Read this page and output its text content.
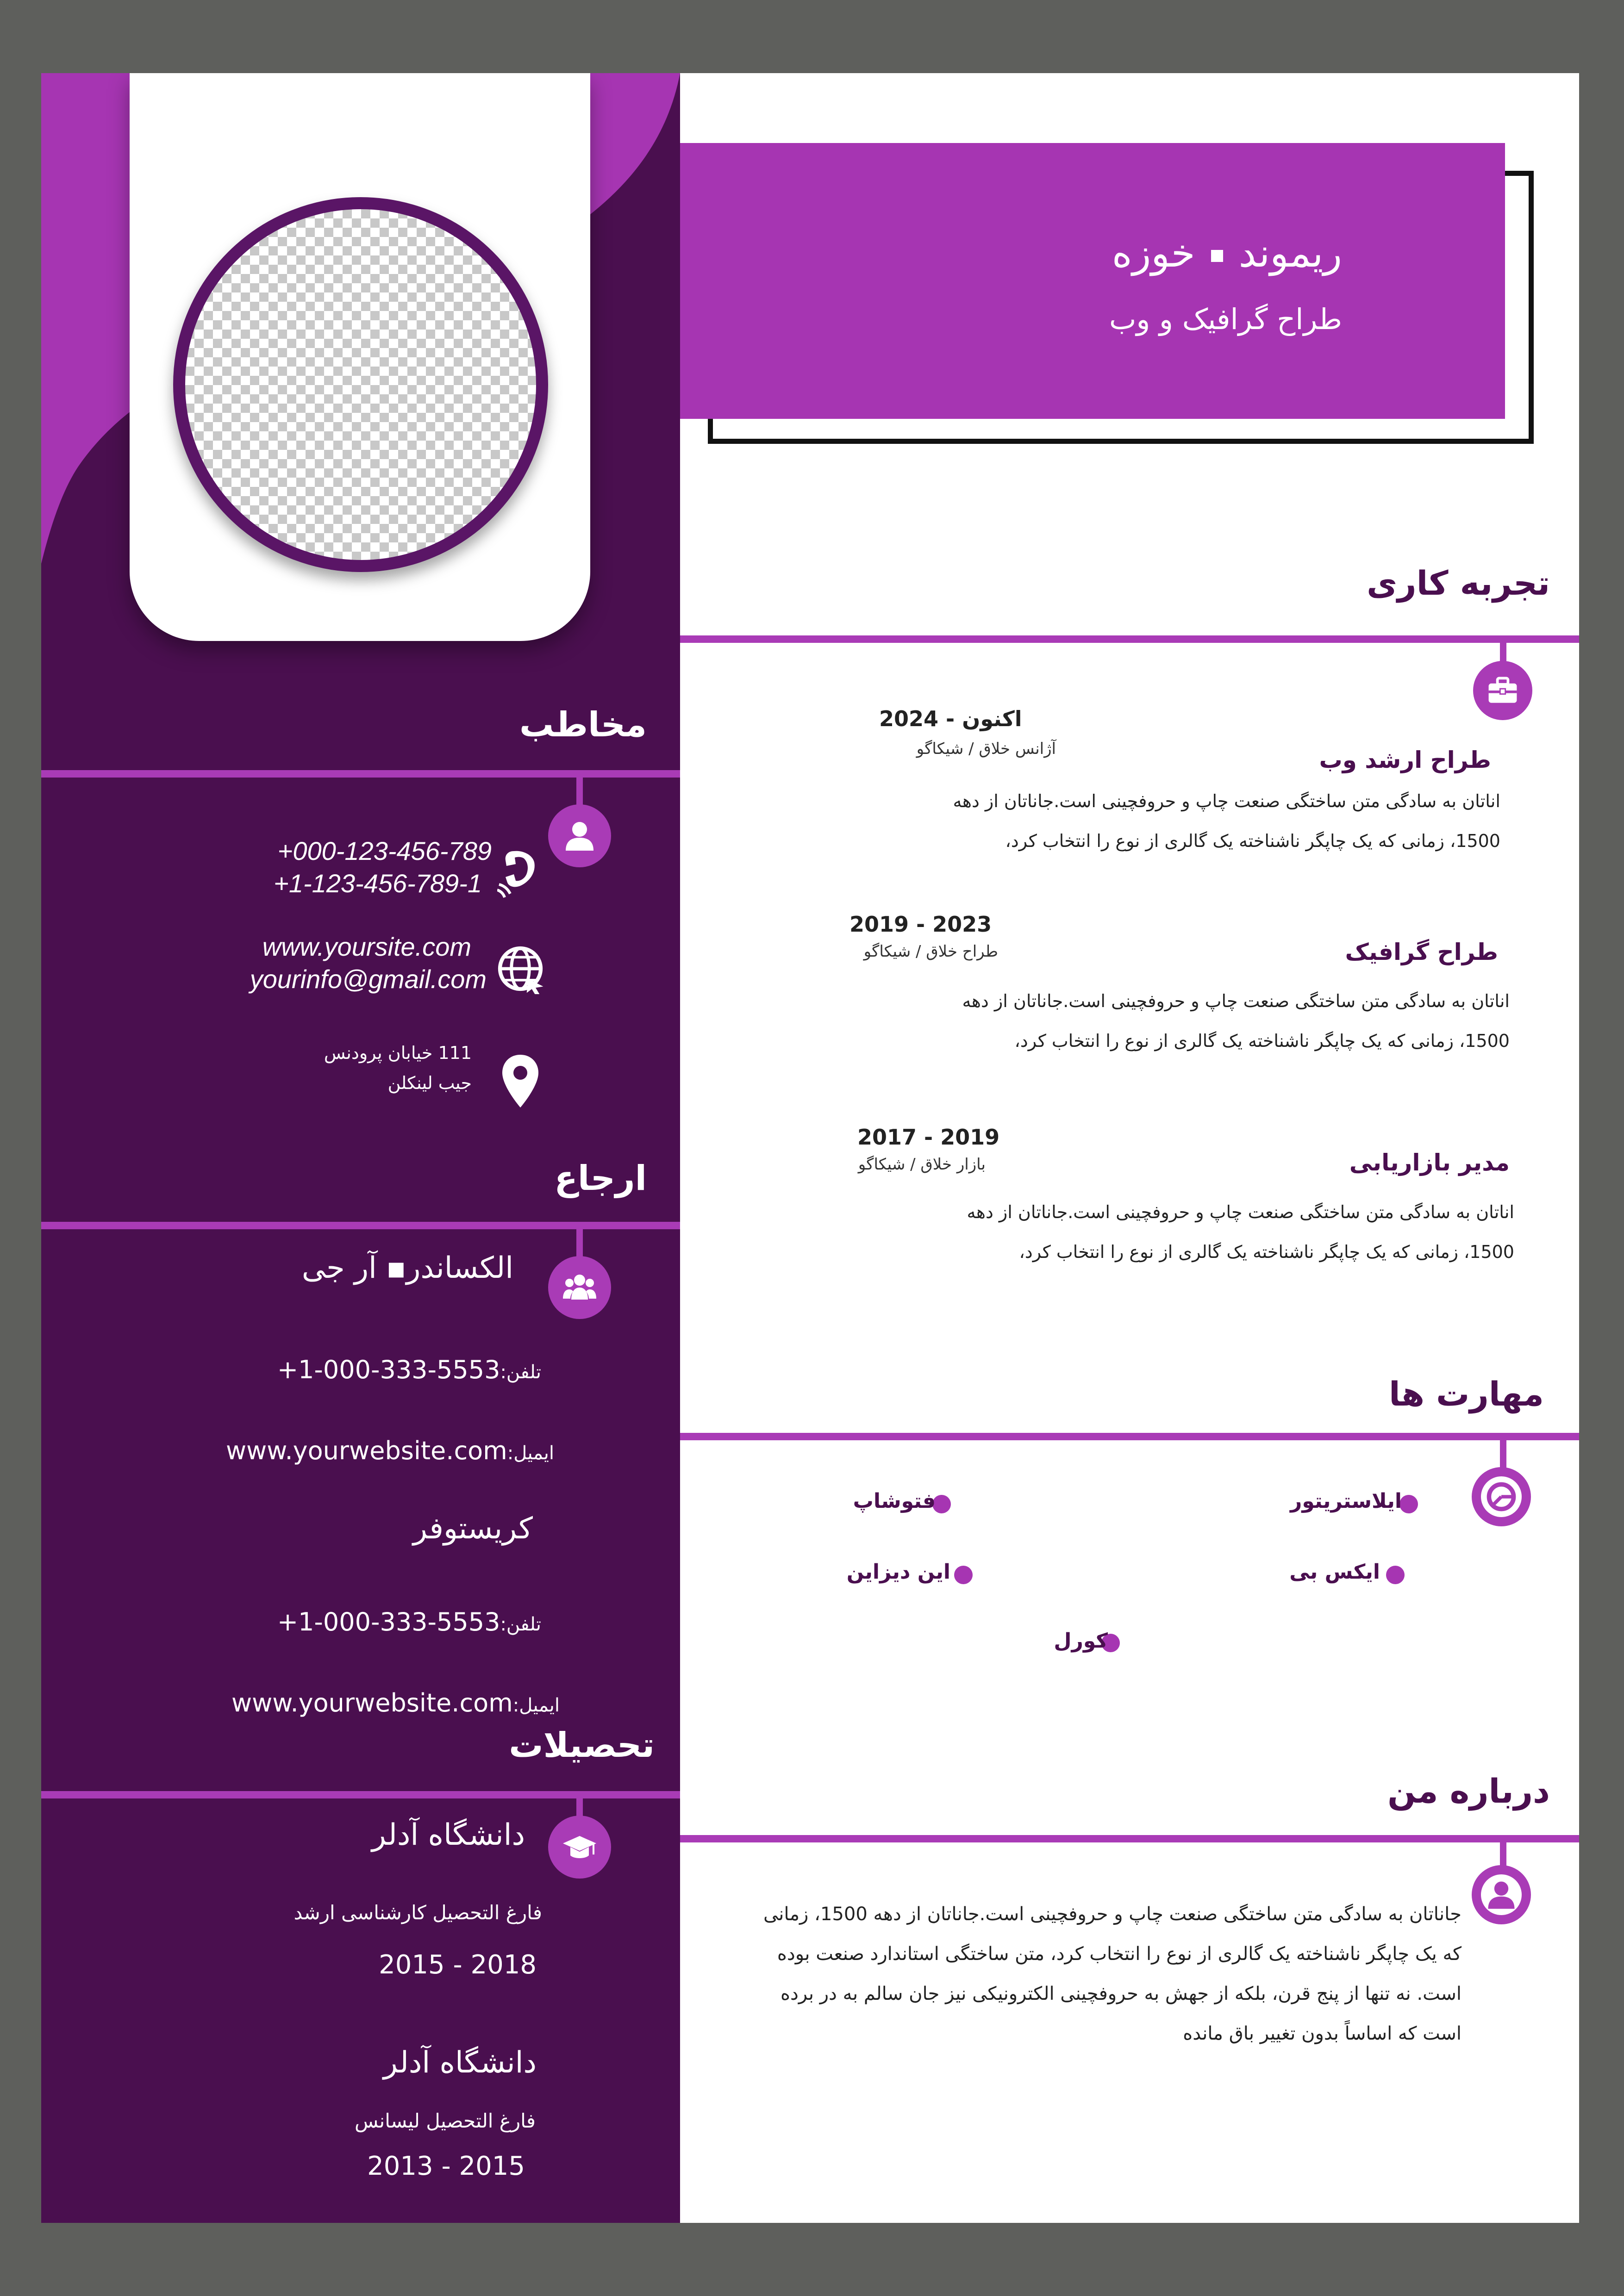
مخاطب
+000-123-456-789
+1-123-456-789-1
www.yoursite.com
yourinfo@gmail.com
111 خیابان پرودنس
جیب لینکلن
ارجاع
الکساندر▪ آر جی
تلفن:+1-000-333-5553
ایمیل:www.yourwebsite.com
کریستوفر
تلفن:+1-000-333-5553
ایمیل:www.yourwebsite.com
تحصیلات
دانشگاه آدلر
فارغ التحصیل کارشناسی ارشد
2015 - 2018
دانشگاه آدلر
فارغ التحصیل لیسانس
2013 - 2015
ریموندخوزه
طراح گرافیک و وب
تجربه کاری
اکنون - 2024
آژانس خلاق / شیکاگو	طراح ارشد وب
اناتان به سادگی متن ساختگی صنعت چاپ و حروفچینی است.جاناتان از دهه
1500، زمانی که یک چاپگر ناشناخته یک گالری از نوع را انتخاب کرد،
2019 - 2023
طراح خلاق / شیکاگو	طراح گرافیک
اناتان به سادگی متن ساختگی صنعت چاپ و حروفچینی است.جاناتان از دهه
1500، زمانی که یک چاپگر ناشناخته یک گالری از نوع را انتخاب کرد،
2017 - 2019
بازار خلاق / شیکاگو	مدیر بازاریابی
اناتان به سادگی متن ساختگی صنعت چاپ و حروفچینی است.جاناتان از دهه
1500، زمانی که یک چاپگر ناشناخته یک گالری از نوع را انتخاب کرد،
مهارت ها
ایلاستریتور
فتوشاپ
ایکس بی
این دیزاین
کورل
درباره من
جاناتان به سادگی متن ساختگی صنعت چاپ و حروفچینی است.جاناتان از دهه 1500، زمانی
که یک چاپگر ناشناخته یک گالری از نوع را انتخاب کرد، متن ساختگی استاندارد صنعت بوده
است. نه تنها از پنج قرن، بلکه از جهش به حروفچینی الکترونیکی نیز جان سالم به در برده
است که اساساً بدون تغییر باق مانده
